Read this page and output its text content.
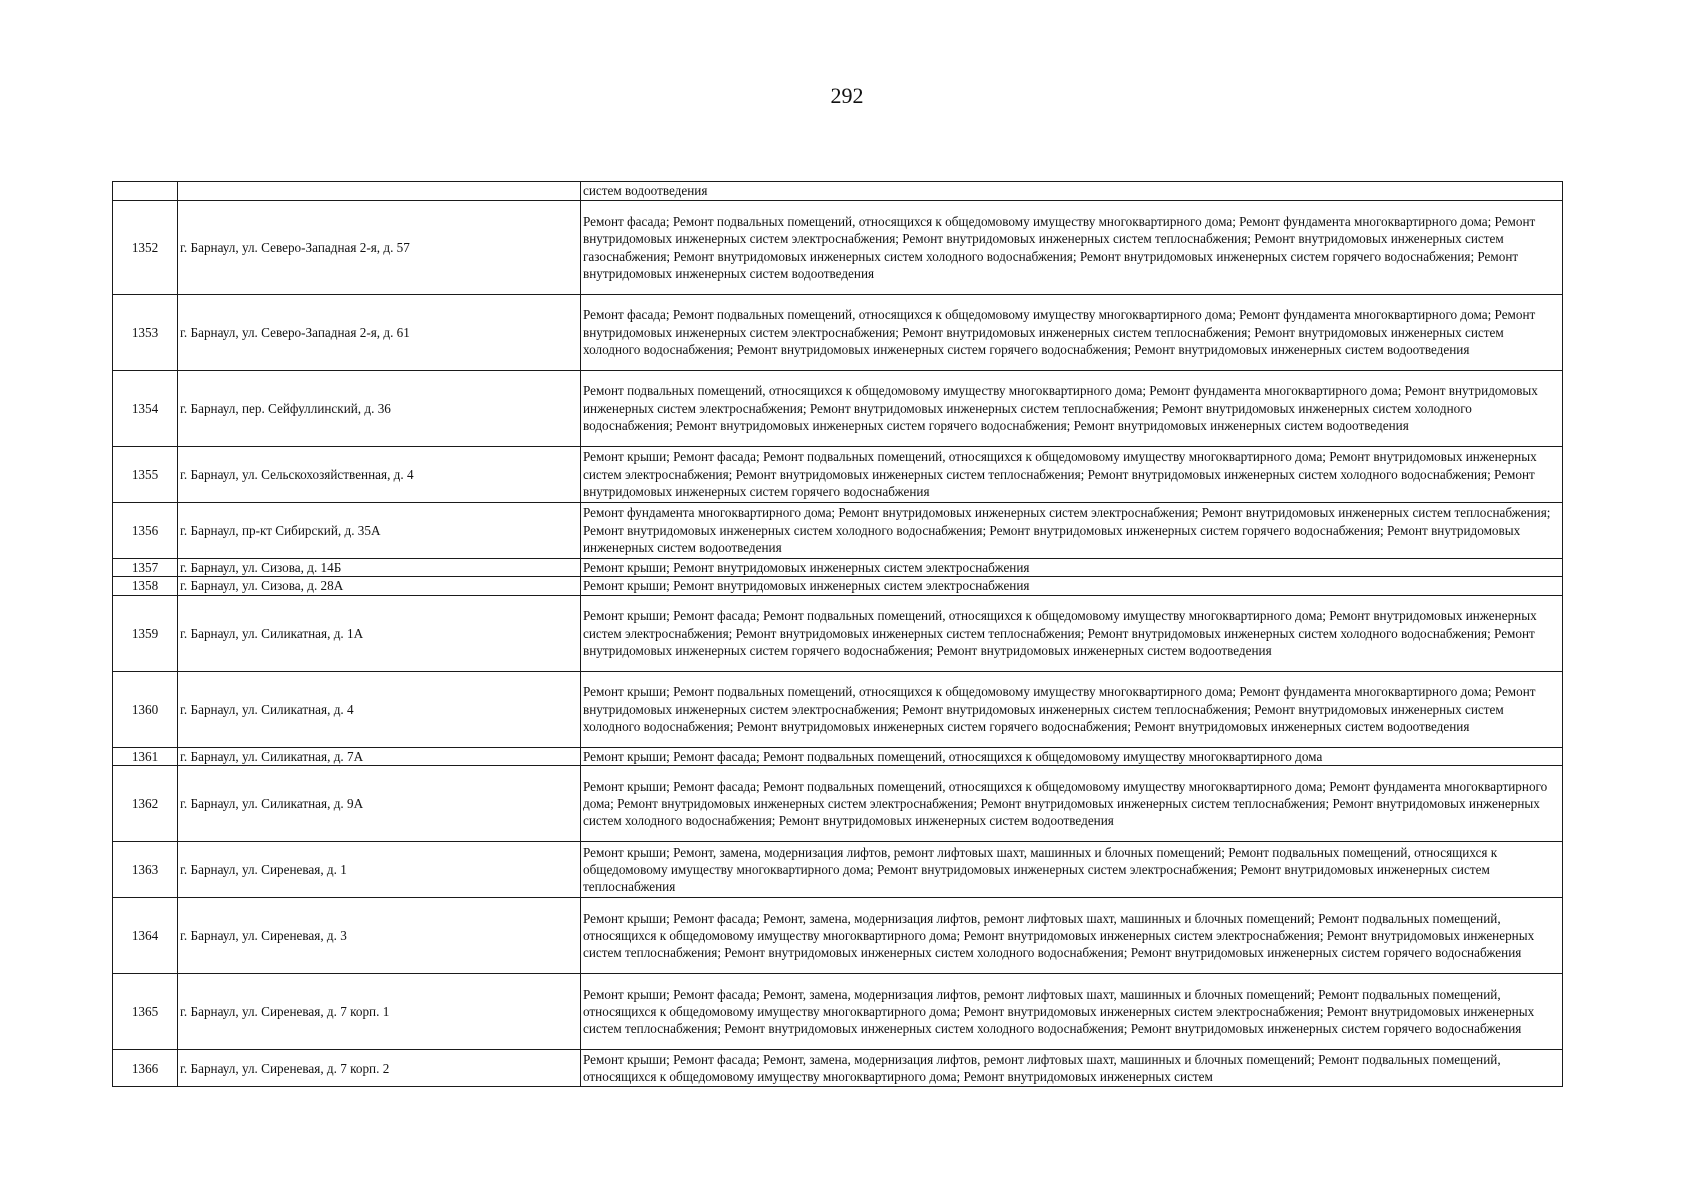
292
		систем водоотведения
1352	г. Барнаул, ул. Северо-Западная 2-я, д. 57	Ремонт фасада; Ремонт подвальных помещений, относящихся к общедомовому имуществу многоквартирного дома; Ремонт фундамента многоквартирного дома; Ремонт внутридомовых инженерных систем электроснабжения; Ремонт внутридомовых инженерных систем теплоснабжения; Ремонт внутридомовых инженерных систем газоснабжения; Ремонт внутридомовых инженерных систем холодного водоснабжения; Ремонт внутридомовых инженерных систем горячего водоснабжения; Ремонт внутридомовых инженерных систем водоотведения
1353	г. Барнаул, ул. Северо-Западная 2-я, д. 61	Ремонт фасада; Ремонт подвальных помещений, относящихся к общедомовому имуществу многоквартирного дома; Ремонт фундамента многоквартирного дома; Ремонт внутридомовых инженерных систем электроснабжения; Ремонт внутридомовых инженерных систем теплоснабжения; Ремонт внутридомовых инженерных систем холодного водоснабжения; Ремонт внутридомовых инженерных систем горячего водоснабжения; Ремонт внутридомовых инженерных систем водоотведения
1354	г. Барнаул, пер. Сейфуллинский, д. 36	Ремонт подвальных помещений, относящихся к общедомовому имуществу многоквартирного дома; Ремонт фундамента многоквартирного дома; Ремонт внутридомовых инженерных систем электроснабжения; Ремонт внутридомовых инженерных систем теплоснабжения; Ремонт внутридомовых инженерных систем холодного водоснабжения; Ремонт внутридомовых инженерных систем горячего водоснабжения; Ремонт внутридомовых инженерных систем водоотведения
1355	г. Барнаул, ул. Сельскохозяйственная, д. 4	Ремонт крыши; Ремонт фасада; Ремонт подвальных помещений, относящихся к общедомовому имуществу многоквартирного дома; Ремонт внутридомовых инженерных систем электроснабжения; Ремонт внутридомовых инженерных систем теплоснабжения; Ремонт внутридомовых инженерных систем холодного водоснабжения; Ремонт внутридомовых инженерных систем горячего водоснабжения
1356	г. Барнаул, пр-кт Сибирский, д. 35А	Ремонт фундамента многоквартирного дома; Ремонт внутридомовых инженерных систем электроснабжения; Ремонт внутридомовых инженерных систем теплоснабжения; Ремонт внутридомовых инженерных систем холодного водоснабжения; Ремонт внутридомовых инженерных систем горячего водоснабжения; Ремонт внутридомовых инженерных систем водоотведения
1357	г. Барнаул, ул. Сизова, д. 14Б	Ремонт крыши; Ремонт внутридомовых инженерных систем электроснабжения
1358	г. Барнаул, ул. Сизова, д. 28А	Ремонт крыши; Ремонт внутридомовых инженерных систем электроснабжения
1359	г. Барнаул, ул. Силикатная, д. 1А	Ремонт крыши; Ремонт фасада; Ремонт подвальных помещений, относящихся к общедомовому имуществу многоквартирного дома; Ремонт внутридомовых инженерных систем электроснабжения; Ремонт внутридомовых инженерных систем теплоснабжения; Ремонт внутридомовых инженерных систем холодного водоснабжения; Ремонт внутридомовых инженерных систем горячего водоснабжения; Ремонт внутридомовых инженерных систем водоотведения
1360	г. Барнаул, ул. Силикатная, д. 4	Ремонт крыши; Ремонт подвальных помещений, относящихся к общедомовому имуществу многоквартирного дома; Ремонт фундамента многоквартирного дома; Ремонт внутридомовых инженерных систем электроснабжения; Ремонт внутридомовых инженерных систем теплоснабжения; Ремонт внутридомовых инженерных систем холодного водоснабжения; Ремонт внутридомовых инженерных систем горячего водоснабжения; Ремонт внутридомовых инженерных систем водоотведения
1361	г. Барнаул, ул. Силикатная, д. 7А	Ремонт крыши; Ремонт фасада; Ремонт подвальных помещений, относящихся к общедомовому имуществу многоквартирного дома
1362	г. Барнаул, ул. Силикатная, д. 9А	Ремонт крыши; Ремонт фасада; Ремонт подвальных помещений, относящихся к общедомовому имуществу многоквартирного дома; Ремонт фундамента многоквартирного дома; Ремонт внутридомовых инженерных систем электроснабжения; Ремонт внутридомовых инженерных систем теплоснабжения; Ремонт внутридомовых инженерных систем холодного водоснабжения; Ремонт внутридомовых инженерных систем водоотведения
1363	г. Барнаул, ул. Сиреневая, д. 1	Ремонт крыши; Ремонт, замена, модернизация лифтов, ремонт лифтовых шахт, машинных и блочных помещений; Ремонт подвальных помещений, относящихся к общедомовому имуществу многоквартирного дома; Ремонт внутридомовых инженерных систем электроснабжения; Ремонт внутридомовых инженерных систем теплоснабжения
1364	г. Барнаул, ул. Сиреневая, д. 3	Ремонт крыши; Ремонт фасада; Ремонт, замена, модернизация лифтов, ремонт лифтовых шахт, машинных и блочных помещений; Ремонт подвальных помещений, относящихся к общедомовому имуществу многоквартирного дома; Ремонт внутридомовых инженерных систем электроснабжения; Ремонт внутридомовых инженерных систем теплоснабжения; Ремонт внутридомовых инженерных систем холодного водоснабжения; Ремонт внутридомовых инженерных систем горячего водоснабжения
1365	г. Барнаул, ул. Сиреневая, д. 7 корп. 1	Ремонт крыши; Ремонт фасада; Ремонт, замена, модернизация лифтов, ремонт лифтовых шахт, машинных и блочных помещений; Ремонт подвальных помещений, относящихся к общедомовому имуществу многоквартирного дома; Ремонт внутридомовых инженерных систем электроснабжения; Ремонт внутридомовых инженерных систем теплоснабжения; Ремонт внутридомовых инженерных систем холодного водоснабжения; Ремонт внутридомовых инженерных систем горячего водоснабжения
1366	г. Барнаул, ул. Сиреневая, д. 7 корп. 2	Ремонт крыши; Ремонт фасада; Ремонт, замена, модернизация лифтов, ремонт лифтовых шахт, машинных и блочных помещений; Ремонт подвальных помещений, относящихся к общедомовому имуществу многоквартирного дома; Ремонт внутридомовых инженерных систем
